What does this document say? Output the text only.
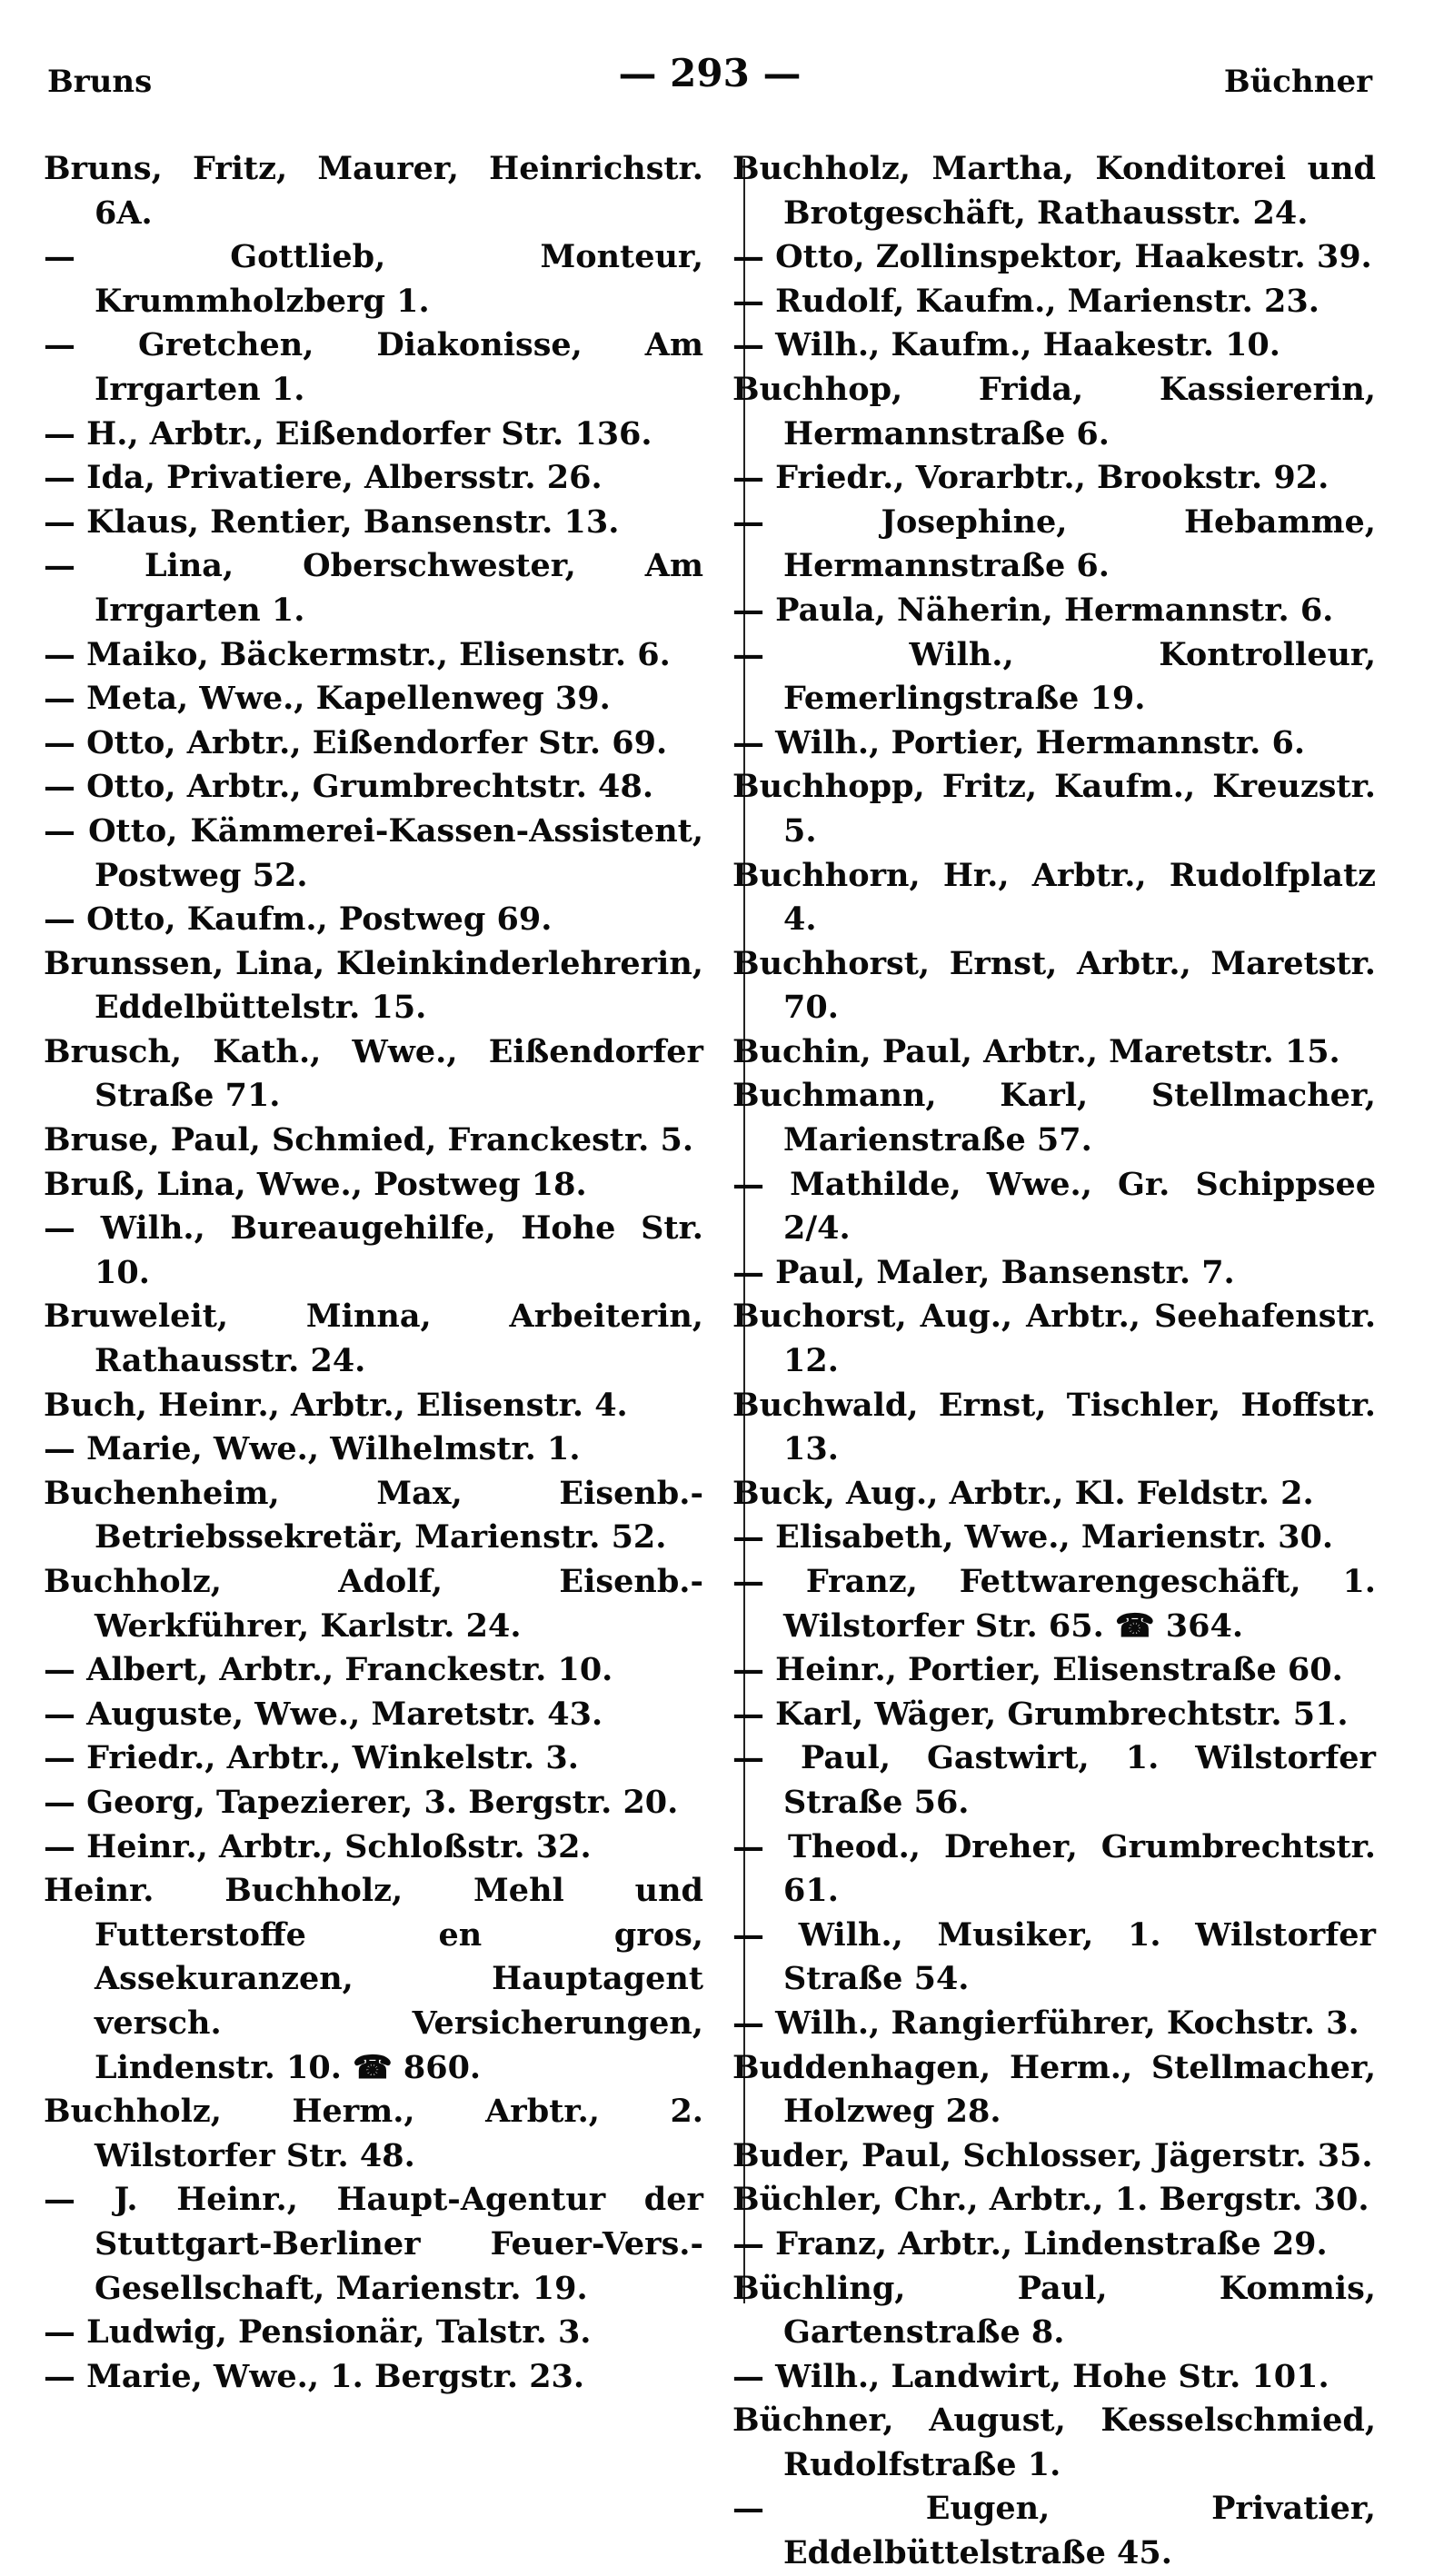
Bruns	— 293 —	Büchner
Bruns, Fritz, Maurer, Heinrichstr. 6A.
— Gottlieb, Monteur, Krummholzberg 1.
— Gretchen, Diakonisse, Am Irrgarten 1.
— H., Arbtr., Eißendorfer Str. 136.
— Ida, Privatiere, Albersstr. 26.
— Klaus, Rentier, Bansenstr. 13.
— Lina, Oberschwester, Am Irrgarten 1.
— Maiko, Bäckermstr., Elisenstr. 6.
— Meta, Wwe., Kapellenweg 39.
— Otto, Arbtr., Eißendorfer Str. 69.
— Otto, Arbtr., Grumbrechtstr. 48.
— Otto, Kämmerei-Kassen-Assistent, Postweg 52.
— Otto, Kaufm., Postweg 69.
Brunssen, Lina, Kleinkinderlehrerin, Eddelbüttelstr. 15.
Brusch, Kath., Wwe., Eißendorfer Straße 71.
Bruse, Paul, Schmied, Franckestr. 5.
Bruß, Lina, Wwe., Postweg 18.
— Wilh., Bureaugehilfe, Hohe Str. 10.
Bruweleit, Minna, Arbeiterin, Rathausstr. 24.
Buch, Heinr., Arbtr., Elisenstr. 4.
— Marie, Wwe., Wilhelmstr. 1.
Buchenheim, Max, Eisenb.-Betriebssekretär, Marienstr. 52.
Buchholz, Adolf, Eisenb.-Werkführer, Karlstr. 24.
— Albert, Arbtr., Franckestr. 10.
— Auguste, Wwe., Maretstr. 43.
— Friedr., Arbtr., Winkelstr. 3.
— Georg, Tapezierer, 3. Bergstr. 20.
— Heinr., Arbtr., Schloßstr. 32.
Heinr. Buchholz, Mehl und Futterstoffe en gros, Assekuranzen, Hauptagent versch. Versicherungen, Lindenstr. 10. ☎ 860.
Buchholz, Herm., Arbtr., 2. Wilstorfer Str. 48.
— J. Heinr., Haupt-Agentur der Stuttgart-Berliner Feuer-Vers.-Gesellschaft, Marienstr. 19.
— Ludwig, Pensionär, Talstr. 3.
— Marie, Wwe., 1. Bergstr. 23.
Buchholz, Martha, Konditorei und Brotgeschäft, Rathausstr. 24.
— Otto, Zollinspektor, Haakestr. 39.
— Rudolf, Kaufm., Marienstr. 23.
— Wilh., Kaufm., Haakestr. 10.
Buchhop, Frida, Kassiererin, Hermannstraße 6.
— Friedr., Vorarbtr., Brookstr. 92.
— Josephine, Hebamme, Hermannstraße 6.
— Paula, Näherin, Hermannstr. 6.
— Wilh., Kontrolleur, Femerlingstraße 19.
— Wilh., Portier, Hermannstr. 6.
Buchhopp, Fritz, Kaufm., Kreuzstr. 5.
Buchhorn, Hr., Arbtr., Rudolfplatz 4.
Buchhorst, Ernst, Arbtr., Maretstr. 70.
Buchin, Paul, Arbtr., Maretstr. 15.
Buchmann, Karl, Stellmacher, Marienstraße 57.
— Mathilde, Wwe., Gr. Schippsee 2/4.
— Paul, Maler, Bansenstr. 7.
Buchorst, Aug., Arbtr., Seehafenstr. 12.
Buchwald, Ernst, Tischler, Hoffstr. 13.
Buck, Aug., Arbtr., Kl. Feldstr. 2.
— Elisabeth, Wwe., Marienstr. 30.
— Franz, Fettwarengeschäft, 1. Wilstorfer Str. 65. ☎ 364.
— Heinr., Portier, Elisenstraße 60.
— Karl, Wäger, Grumbrechtstr. 51.
— Paul, Gastwirt, 1. Wilstorfer Straße 56.
— Theod., Dreher, Grumbrechtstr. 61.
— Wilh., Musiker, 1. Wilstorfer Straße 54.
— Wilh., Rangierführer, Kochstr. 3.
Buddenhagen, Herm., Stellmacher, Holzweg 28.
Buder, Paul, Schlosser, Jägerstr. 35.
Büchler, Chr., Arbtr., 1. Bergstr. 30.
— Franz, Arbtr., Lindenstraße 29.
Büchling, Paul, Kommis, Gartenstraße 8.
— Wilh., Landwirt, Hohe Str. 101.
Büchner, August, Kesselschmied, Rudolfstraße 1.
— Eugen, Privatier, Eddelbüttelstraße 45.
